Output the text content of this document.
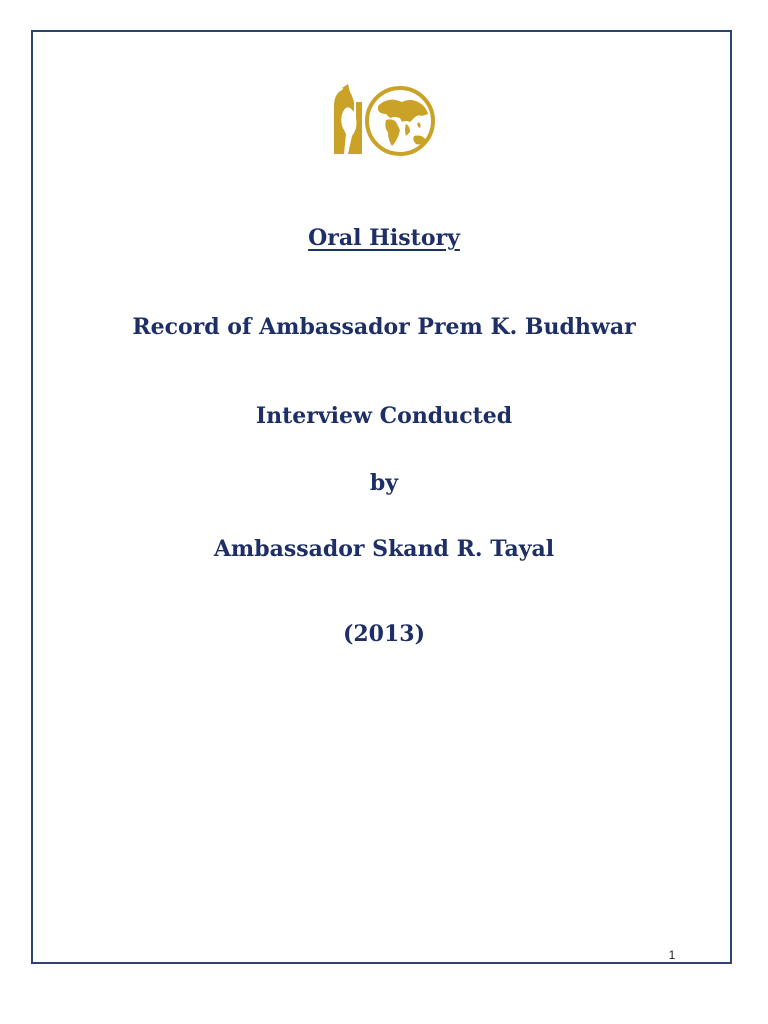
Oral History

Record of Ambassador Prem K. Budhwar

Interview Conducted

by

Ambassador Skand R. Tayal

(2013)

1
